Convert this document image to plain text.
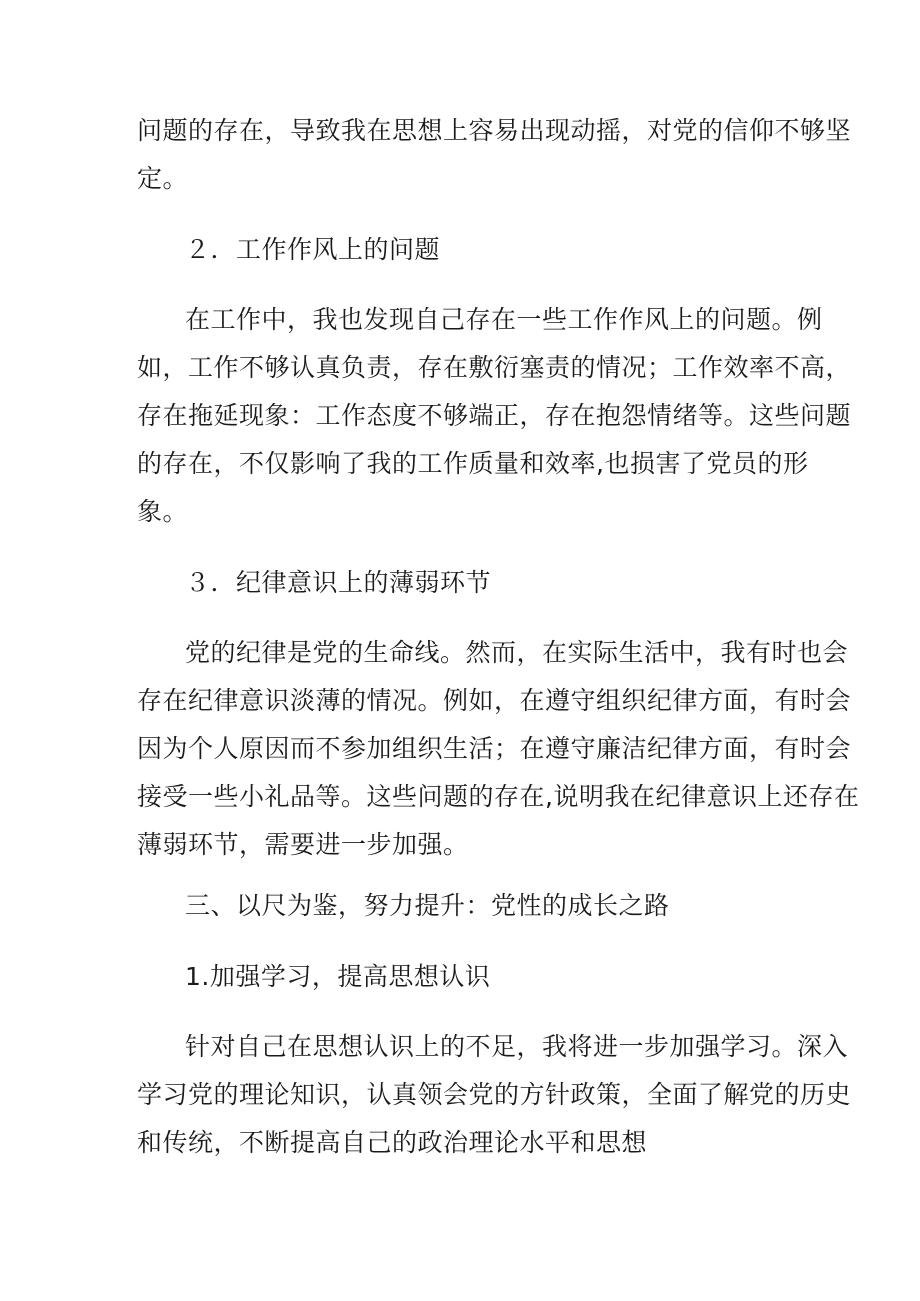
问题的存在，导致我在思想上容易出现动摇，对党的信仰不够坚
定。
２．工作作风上的问题
在工作中，我也发现自己存在一些工作作风上的问题。例
如，工作不够认真负责，存在敷衍塞责的情况；工作效率不高，
存在拖延现象：工作态度不够端正，存在抱怨情绪等。这些问题
的存在，不仅影响了我的工作质量和效率,也损害了党员的形
象。
３．纪律意识上的薄弱环节
党的纪律是党的生命线。然而，在实际生活中，我有时也会
存在纪律意识淡薄的情况。例如，在遵守组织纪律方面，有时会
因为个人原因而不参加组织生活；在遵守廉洁纪律方面，有时会
接受一些小礼品等。这些问题的存在,说明我在纪律意识上还存在
薄弱环节，需要进一步加强。
三、以尺为鉴，努力提升：党性的成长之路
1.加强学习，提高思想认识
针对自己在思想认识上的不足，我将进一步加强学习。深入
学习党的理论知识，认真领会党的方针政策，全面了解党的历史
和传统，不断提高自己的政治理论水平和思想
